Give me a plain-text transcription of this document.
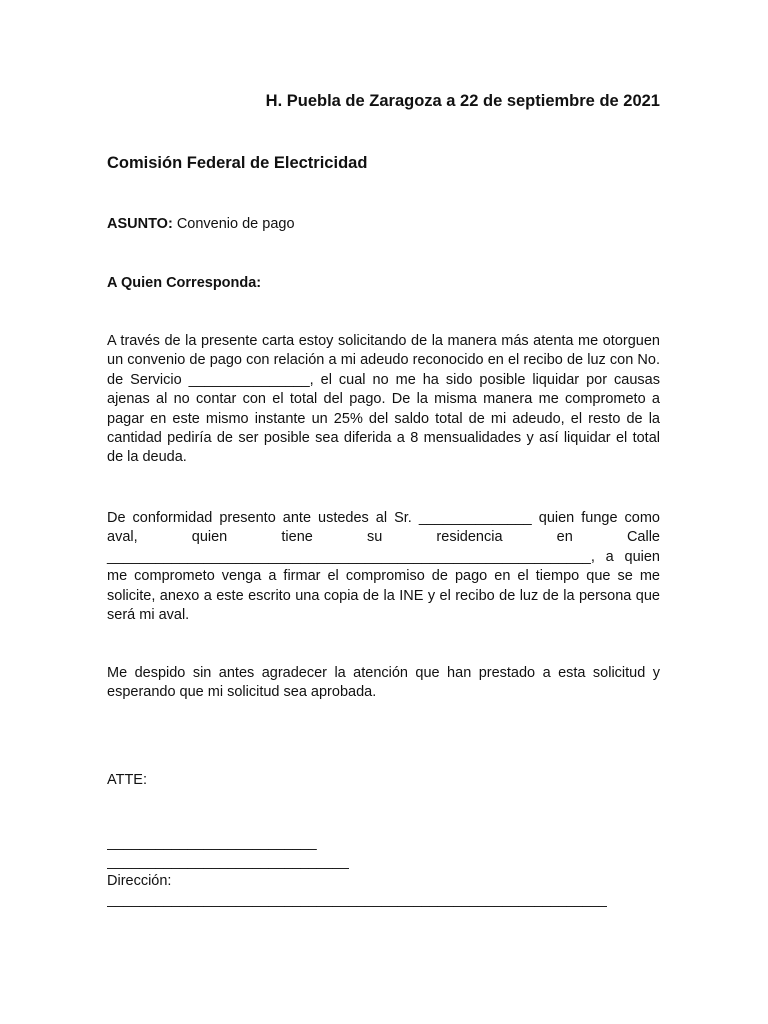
H. Puebla de Zaragoza a 22 de septiembre de 2021
Comisión Federal de Electricidad
ASUNTO: Convenio de pago
A Quien Corresponda:

A través de la presente carta estoy solicitando de la manera más atenta me otorguen un convenio de pago con relación a mi adeudo reconocido en el recibo de luz con No. de Servicio _______________, el cual no me ha sido posible liquidar por causas ajenas al no contar con el total del pago. De la misma manera me comprometo a pagar en este mismo instante un 25% del saldo total de mi adeudo, el resto de la cantidad pediría de ser posible sea diferida a 8 mensualidades y así liquidar el total de la deuda.

De conformidad presento ante ustedes al Sr. ______________ quien funge como aval, quien tiene su residencia en Calle ____________________________________________________________, a quien me comprometo venga a firmar el compromiso de pago en el tiempo que se me solicite, anexo a este escrito una copia de la INE y el recibo de luz de la persona que será mi aval.

Me despido sin antes agradecer la atención que han prestado a esta solicitud y esperando que mi solicitud sea aprobada.

ATTE:
__________________________
______________________________
Dirección:
______________________________________________________________
